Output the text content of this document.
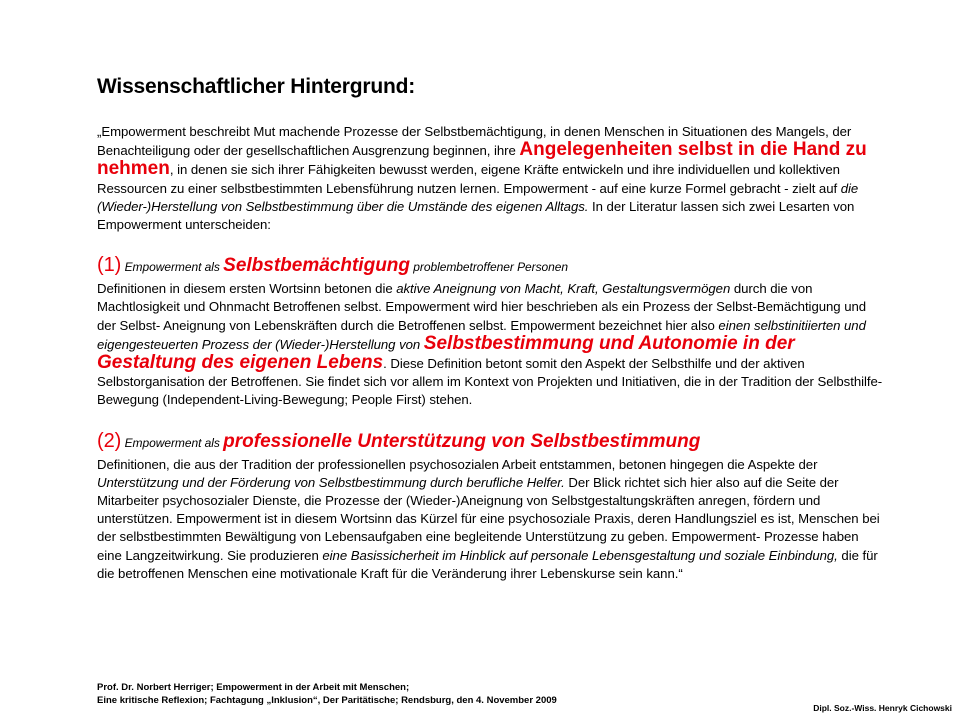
Wissenschaftlicher Hintergrund:

„Empowerment beschreibt Mut machende Prozesse der Selbstbemächtigung, in denen Menschen in Situationen des Mangels, der Benachteiligung oder der gesellschaftlichen Ausgrenzung beginnen, ihre Angelegenheiten selbst in die Hand zu nehmen, in denen sie sich ihrer Fähigkeiten bewusst werden, eigene Kräfte entwickeln und ihre individuellen und kollektiven Ressourcen zu einer selbstbestimmten Lebensführung nutzen lernen. Empowerment - auf eine kurze Formel gebracht - zielt auf die (Wieder-)Herstellung von Selbstbestimmung über die Umstände des eigenen Alltags. In der Literatur lassen sich zwei Lesarten von Empowerment unterscheiden:

(1) Empowerment als Selbstbemächtigung problembetroffener Personen

Definitionen in diesem ersten Wortsinn betonen die aktive Aneignung von Macht, Kraft, Gestaltungsvermögen durch die von Machtlosigkeit und Ohnmacht Betroffenen selbst. Empowerment wird hier beschrieben als ein Prozess der Selbst-Bemächtigung und der Selbst- Aneignung von Lebenskräften durch die Betroffenen selbst. Empowerment bezeichnet hier also einen selbstinitiierten und eigengesteuerten Prozess der (Wieder-)Herstellung von Selbstbestimmung und Autonomie in der Gestaltung des eigenen Lebens. Diese Definition betont somit den Aspekt der Selbsthilfe und der aktiven Selbstorganisation der Betroffenen. Sie findet sich vor allem im Kontext von Projekten und Initiativen, die in der Tradition der Selbsthilfe-Bewegung (Independent-Living-Bewegung; People First) stehen.

(2) Empowerment als professionelle Unterstützung von Selbstbestimmung

Definitionen, die aus der Tradition der professionellen psychosozialen Arbeit entstammen, betonen hingegen die Aspekte der Unterstützung und der Förderung von Selbstbestimmung durch berufliche Helfer. Der Blick richtet sich hier also auf die Seite der Mitarbeiter psychosozialer Dienste, die Prozesse der (Wieder-)Aneignung von Selbstgestaltungskräften anregen, fördern und unterstützen. Empowerment ist in diesem Wortsinn das Kürzel für eine psychosoziale Praxis, deren Handlungsziel es ist, Menschen bei der selbstbestimmten Bewältigung von Lebensaufgaben eine begleitende Unterstützung zu geben. Empowerment- Prozesse haben eine Langzeitwirkung. Sie produzieren eine Basissicherheit im Hinblick auf personale Lebensgestaltung und soziale Einbindung, die für die betroffenen Menschen eine motivationale Kraft für die Veränderung ihrer Lebenskurse sein kann.“

Prof. Dr. Norbert Herriger; Empowerment in der Arbeit mit Menschen;
Eine kritische Reflexion; Fachtagung „Inklusion“, Der Paritätische; Rendsburg, den 4. November 2009
Dipl. Soz.-Wiss. Henryk Cichowski
